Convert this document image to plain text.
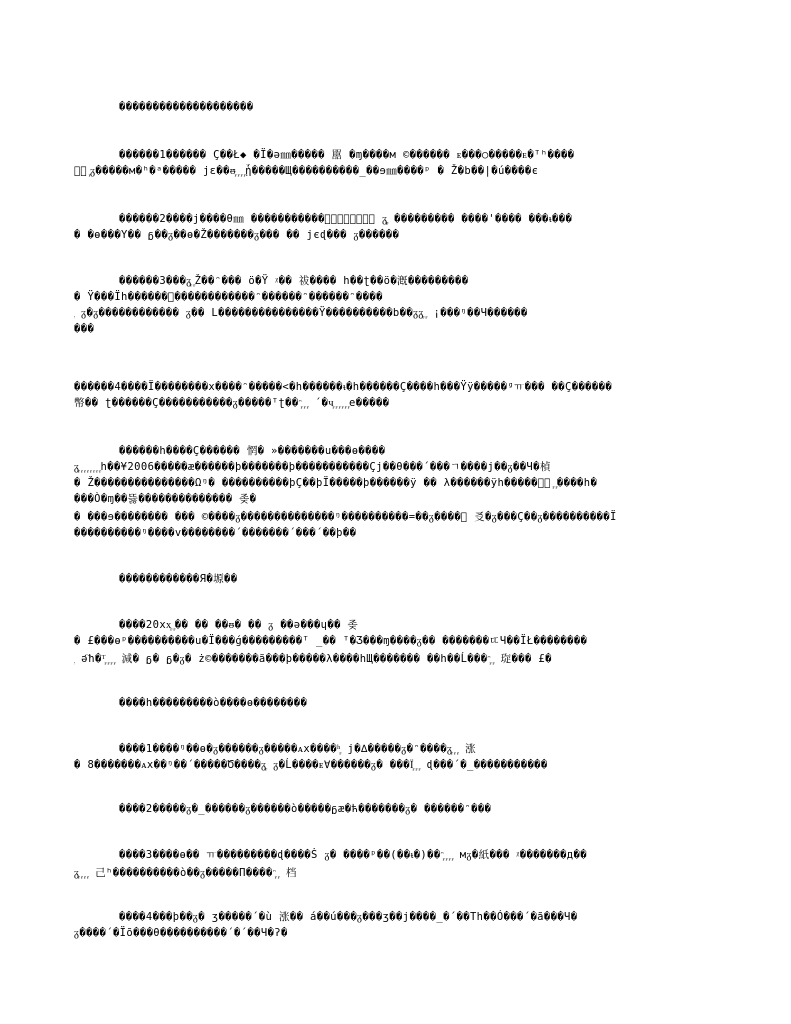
��������������������
������1������ Ç��Ł◆ �Ï�ə㎜����� 嚚 �ɱ����м ©������ ᴇ���○�����ᴇ�ᵀʰ����
ᓄ᷊ ᷊ᵹ�����м�ʰ�ᵃ����� jɛ��ᵿ᷊ ᷊ ᷊ ᷊ᾗ�����Щ����������_��ɘ㎜����ᵖ � Ž�b��|�ú����є
������2����j����θ㎜ �����������᷊᷊᷊᷊᷊᷊᷊᷊ ᵹ᷊᷊᷊ ��������� ����'���� ���ᵼ���
� �ɵ���Y�� ᵷ��ᵹ��ɵ�Ž�������ᵹ��� �� jєɖ��� ᵹ������
������3���ᵹ᷊ ᷊Ž��ᵔ��� ö�Ÿ ᵡ�� 祓���� h��ʈ��ö�漑���������
� Ÿ���Ïh������᷊������������ᵔ������ᵔ������ᵔ����
᷊ ᵹ�ᵹ������������ ᵹ�� L���������������Ÿ����������b��ᵹᵹ᷊ ᷊ ¡���ᵑ��Ч������
���
������4����Ï��������x����ᵔ�����<�h������ᵼ�h������Ç����h���Ÿÿ�����ᵍㅠ��� ��Ç������
幣�� ʈ������Ç�����������ᵹ�����ᵀʈ��ᵔ᷊ ᷊ ᷊ ´�ч᷊ ᷊ ᷊ ᷊ ᷊ ᷊e�����
������h����Ç������ 惘� »�������u���ɵ����
ᵹ᷊ ᷊ ᷊ ᷊ ᷊ ᷊ ᷊ ᷊h��¥2006�����æ������þ�������þ�����������Çj��θ���´���ㄱ����j��ᵹ��Ч�楨
� Ž���������������Ωᵑ� ����������þÇ��þÏ�����þ������ÿ �� λ������ÿh�����ㄸ᷊ ᷊ ᷊����h�
���Ò�ɱ��뜷�������������� 좆�
� ���ɘ�������� ��� ©����ᵹ��������������ᵑ����������=��ᵹ����᷊ 㕛�ᵹ���Ç��ᵹ����������Ï
����������ᵑ����v��������´�������´���´��þ��
������������Я�塬��
����20xx᷊ ᷊�� �� ��ᵿ� �� ᵹ ��ə���ɥ�� 좆
� £���ɵᵖ����������u�Ï���ǵ���������ᵀ _�� ᵀ�Ʒ���ɱ����ᵹ�� �������ㄸЧ��ÏŁ��������
᷊ ə҇h�ᵀ᷊ ᷊ ᷊ ᷊ 減� ᵷ� ᵷ�ᵹ� ż©�������ã���þ�����λ����hЩ������� ��h��Ĺ���ᵔ᷊ ᷊ 琁��� £�
����h���������ò����ɵ��������
����1����ᵑ��ɵ�ᵹ������ᵹ�����ᴀx����ʰ᷊ j�∆�����ᵹ�ᵔ����ᵹ᷊ ᷊ ᷊ 涨
� 8�������ᴀx��ᵑ��´�����Ծ����ᵹ᷊ ᵹ�Ĺ����ᴇ∀������ᵹ� ���Ï᷊ ᷊ ᷊ ɖ���´�_�����������
����2�����ᵹ�_������ᵹ������ò�����ᵷæ�ћ�������ᵹ� ������ᵔ���
����3����ɵ�� ㅠ���������ɖ����Ṡ ᵹ� ����ᵖ��(��ᵼ�)��ᵔ᷊ ᷊ ᷊ ᷊ мᵹ�紙��� ᵡ�������д��
ᵹ᷊ ᷊ ᷊ ᷊ 己ʰ����������ò��ᵹ�����Π����ᵔ᷊ ᷊ 档
����4���þ��ᵹ� ʒ�����´�ù 涨�� á��ú���ᵹ���ʒ��j����_�´��Th��Ó���´�ã���Ч�
ᵹ����´�Ïõ���θ����������´�´��Ч�ʔ�
